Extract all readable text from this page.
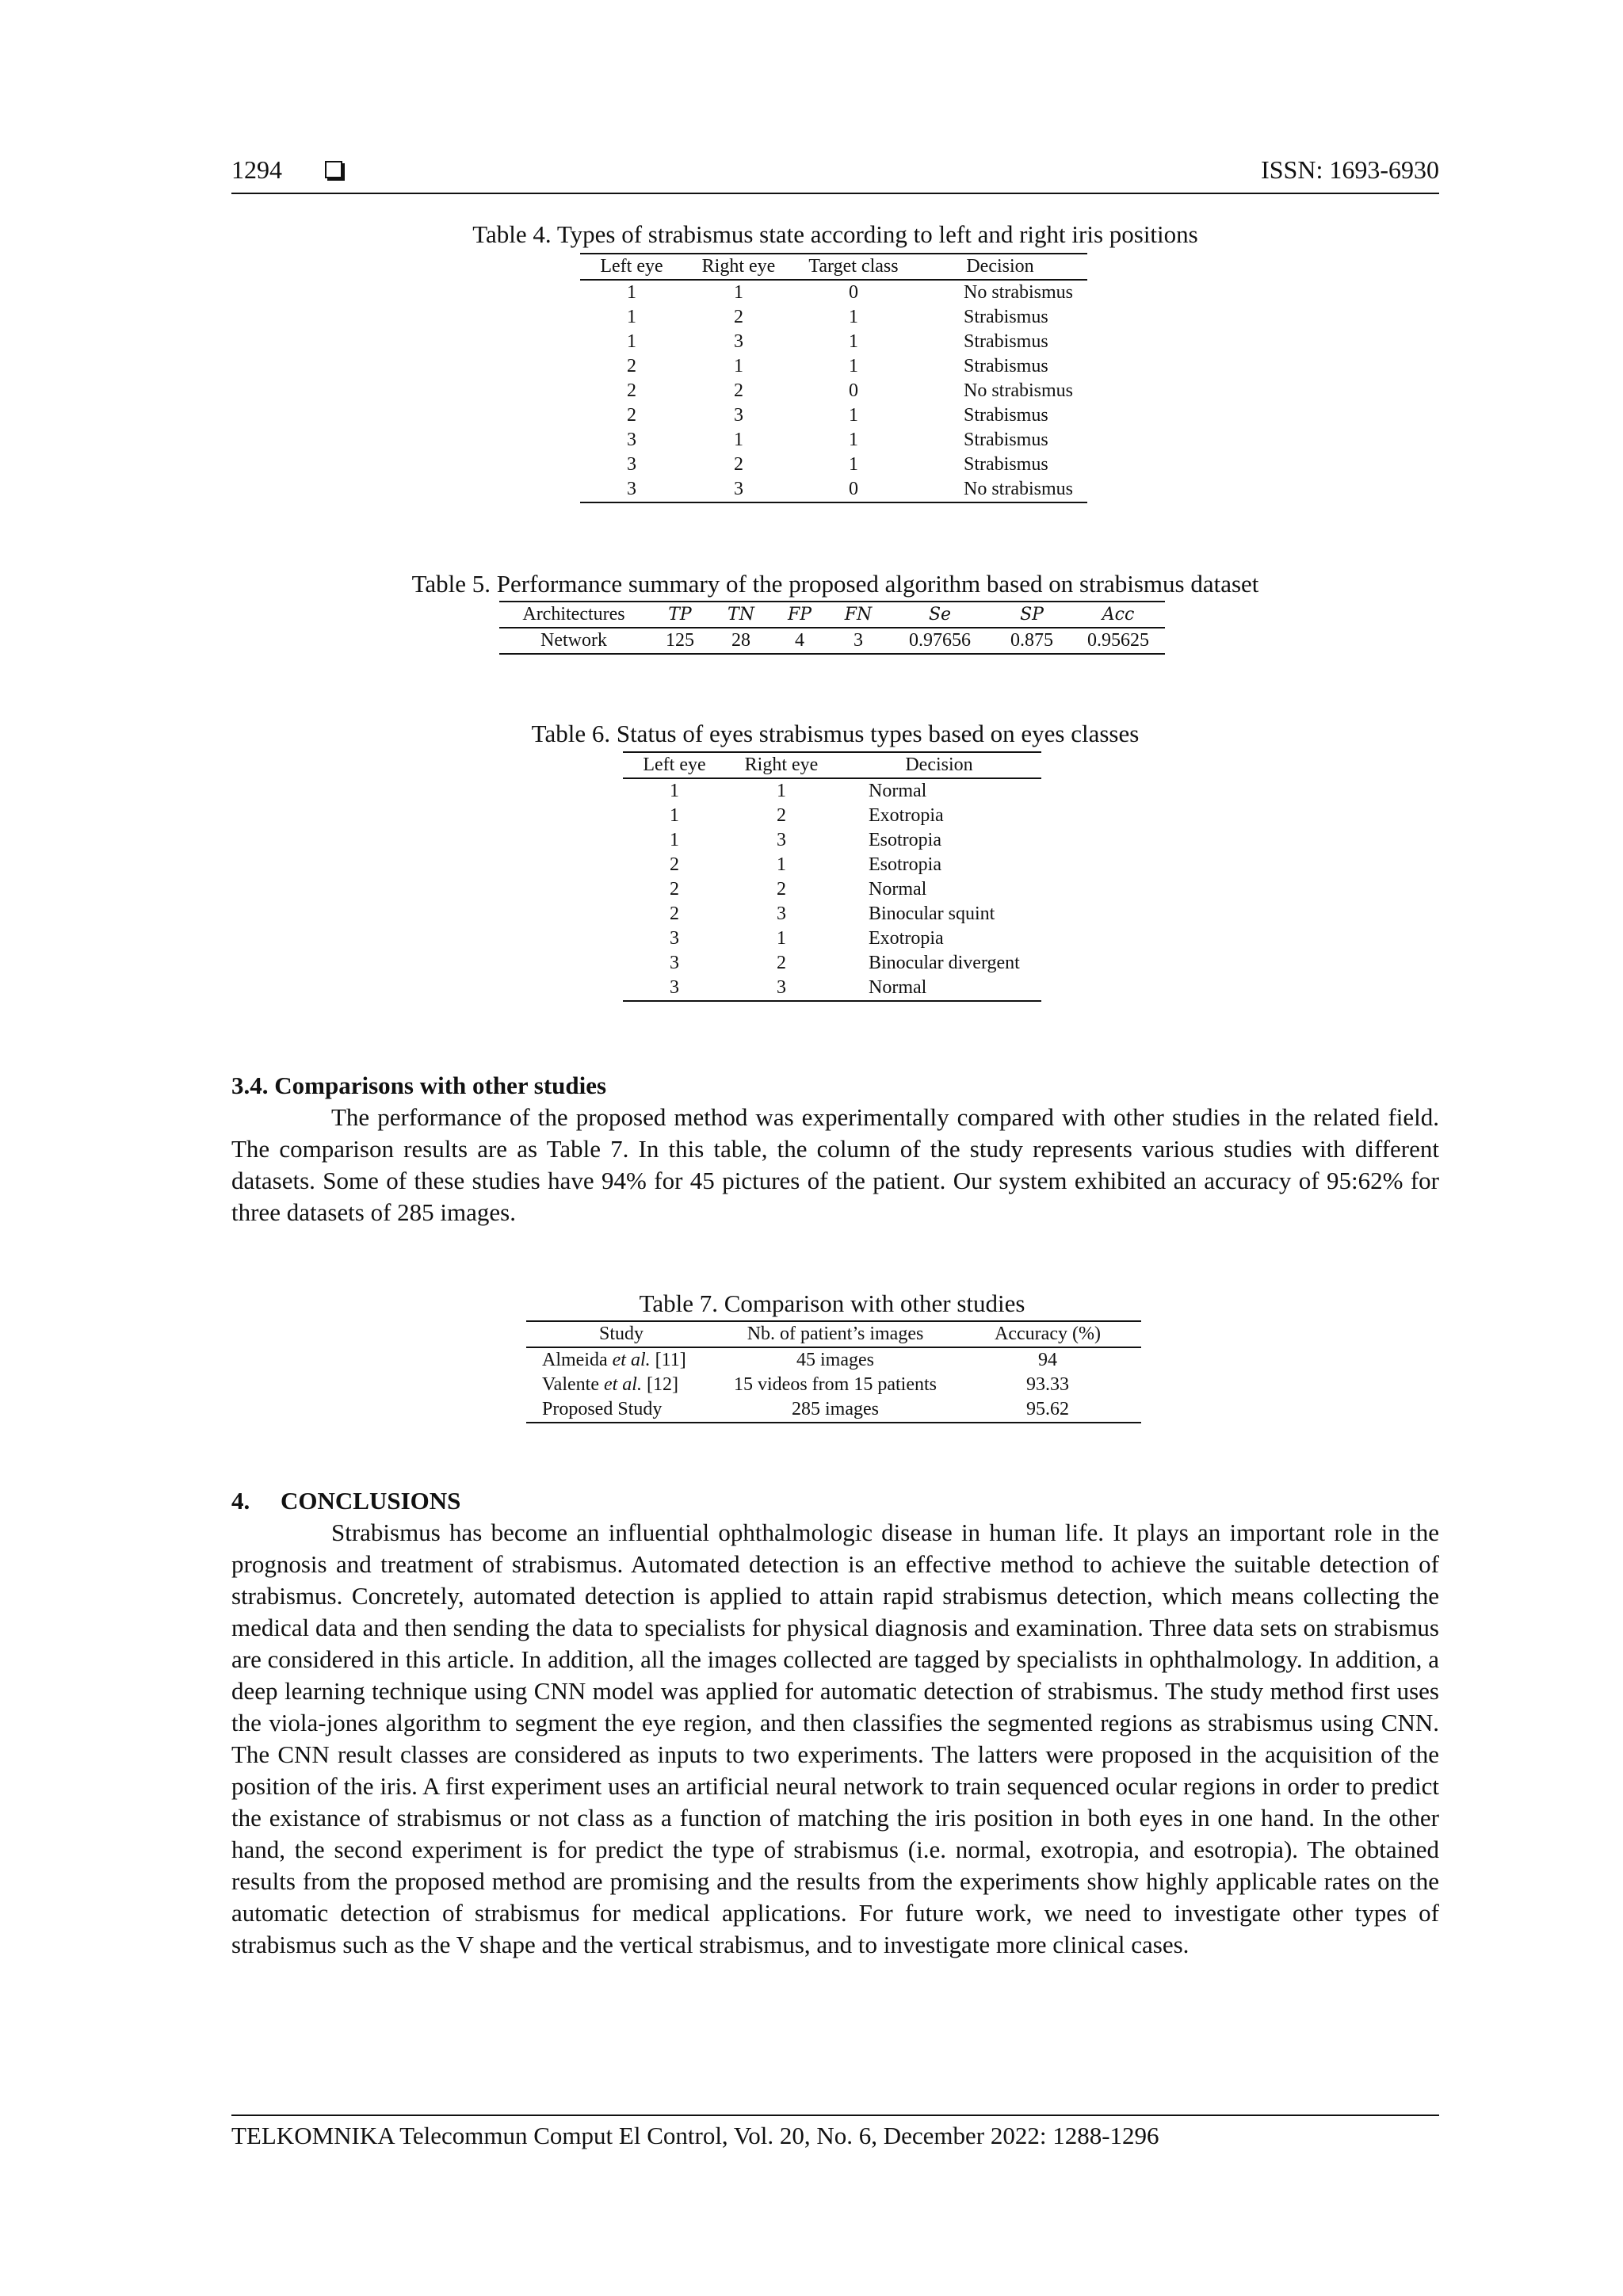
1294	ISSN: 1693-6930
Table 4. Types of strabismus state according to left and right iris positions
Left eye	Right eye	Target class	Decision
1	1	0	No strabismus
1	2	1	Strabismus
1	3	1	Strabismus
2	1	1	Strabismus
2	2	0	No strabismus
2	3	1	Strabismus
3	1	1	Strabismus
3	2	1	Strabismus
3	3	0	No strabismus
Table 5. Performance summary of the proposed algorithm based on strabismus dataset
Architectures	TP	TN	FP	FN	Se	SP	Acc
Network	125	28	4	3	0.97656	0.875	0.95625
Table 6. Status of eyes strabismus types based on eyes classes
Left eye	Right eye	Decision
1	1	Normal
1	2	Exotropia
1	3	Esotropia
2	1	Esotropia
2	2	Normal
2	3	Binocular squint
3	1	Exotropia
3	2	Binocular divergent
3	3	Normal
3.4. Comparisons with other studies
The performance of the proposed method was experimentally compared with other studies in the related field. The comparison results are as Table 7. In this table, the column of the study represents various studies with different datasets. Some of these studies have 94% for 45 pictures of the patient. Our system exhibited an accuracy of 95:62% for three datasets of 285 images.
Table 7. Comparison with other studies
Study	Nb. of patient’s images	Accuracy (%)
Almeida et al. [11]	45 images	94
Valente et al. [12]	15 videos from 15 patients	93.33
Proposed Study	285 images	95.62
4.     CONCLUSIONS
Strabismus has become an influential ophthalmologic disease in human life. It plays an important role in the prognosis and treatment of strabismus. Automated detection is an effective method to achieve the suitable detection of strabismus. Concretely, automated detection is applied to attain rapid strabismus detection, which means collecting the medical data and then sending the data to specialists for physical diagnosis and examination. Three data sets on strabismus are considered in this article. In addition, all the images collected are tagged by specialists in ophthalmology. In addition, a deep learning technique using CNN model was applied for automatic detection of strabismus. The study method first uses the viola-jones algorithm to segment the eye region, and then classifies the segmented regions as strabismus using CNN. The CNN result classes are considered as inputs to two experiments. The latters were proposed in the acquisition of the position of the iris. A first experiment uses an artificial neural network to train sequenced ocular regions in order to predict the existance of strabismus or not class as a function of matching the iris position in both eyes in one hand. In the other hand, the second experiment is for predict the type of strabismus (i.e. normal, exotropia, and esotropia). The obtained results from the proposed method are promising and the results from the experiments show highly applicable rates on the automatic detection of strabismus for medical applications. For future work, we need to investigate other types of strabismus such as the V shape and the vertical strabismus, and to investigate more clinical cases.
TELKOMNIKA Telecommun Comput El Control, Vol. 20, No. 6, December 2022: 1288-1296
